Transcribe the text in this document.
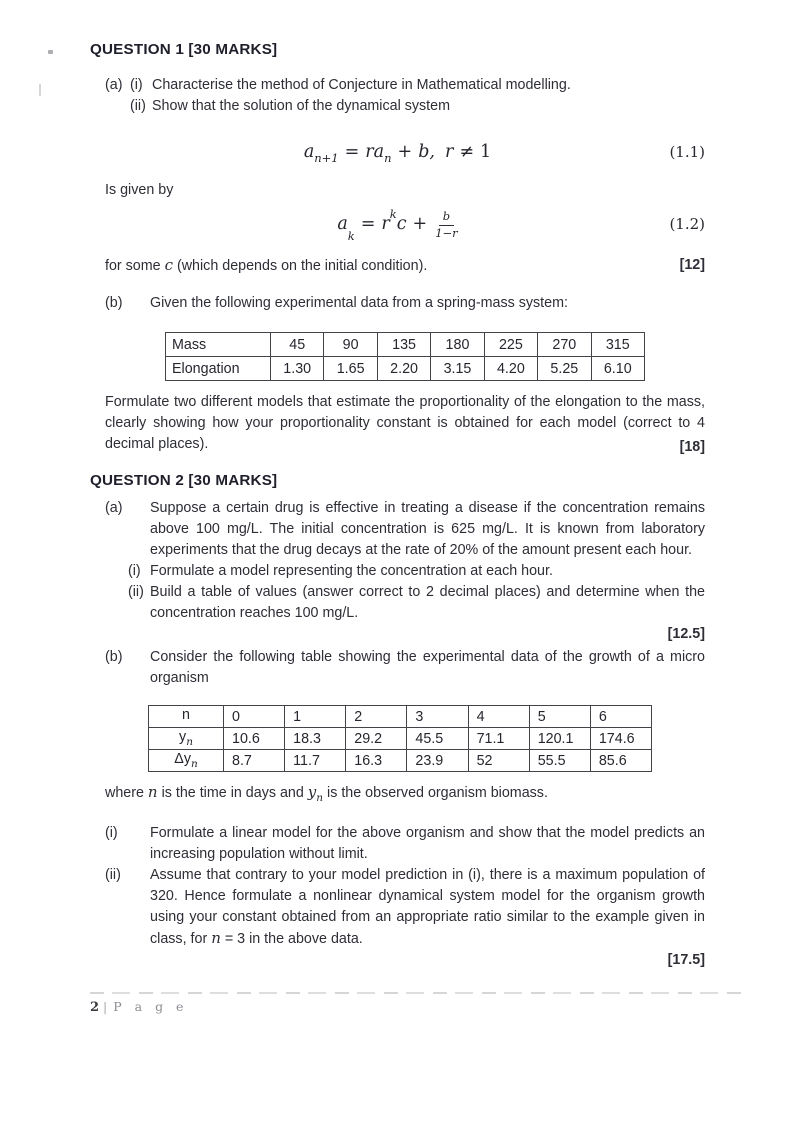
QUESTION 1 [30 MARKS]
(a) (i) Characterise the method of Conjecture in Mathematical modelling.
(ii) Show that the solution of the dynamical system
a n+1 = ra n + b, r ≠ 1	(1.1)
Is given by
a
k
= r
k
$c + \frac{b}{1-r}$	(1.2)
for some c (which depends on the initial condition).	[12]
(b)	Given the following experimental data from a spring-mass system:
Mass	45	90	135	180	225	270	315
Elongation	1.30	1.65	2.20	3.15	4.20	5.25	6.10

Formulate two different models that estimate the proportionality of the elongation to the mass, clearly showing how your proportionality constant is obtained for each model (correct to 4 decimal places).	[18]
QUESTION 2 [30 MARKS]
(a)	Suppose a certain drug is effective in treating a disease if the concentration remains above 100 mg/L. The initial concentration is 625 mg/L. It is known from laboratory experiments that the drug decays at the rate of 20% of the amount present each hour.
(i) Formulate a model representing the concentration at each hour.
(ii) Build a table of values (answer correct to 2 decimal places) and determine when the concentration reaches 100 mg/L.
[12.5]
(b)	Consider the following table showing the experimental data of the growth of a micro organism
n	0	1	2	3	4	5	6
$y_n$	10.6	18.3	29.2	45.5	71.1	120.1	174.6
$\Delta y_n$	8.7	11.7	16.3	23.9	52	55.5	85.6
where n is the time in days and $y_n$ is the observed organism biomass.
(i)	Formulate a linear model for the above organism and show that the model predicts an increasing population without limit.
(ii)	Assume that contrary to your model prediction in (i), there is a maximum population of 320. Hence formulate a nonlinear dynamical system model for the organism growth using your constant obtained from an appropriate ratio similar to the example given in class, for n = 3 in the above data.
[17.5]
2 | P a g e
